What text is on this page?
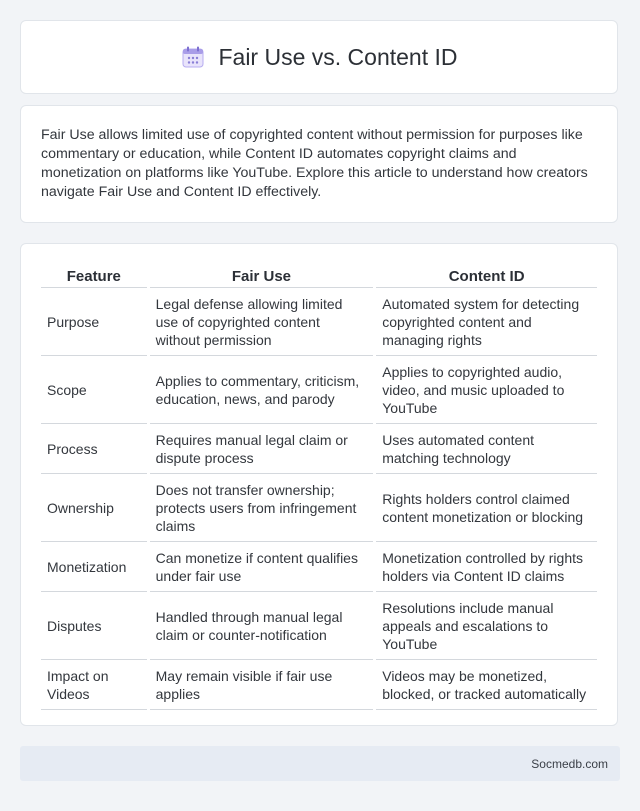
Fair Use vs. Content ID

Fair Use allows limited use of copyrighted content without permission for purposes like commentary or education, while Content ID automates copyright claims and monetization on platforms like YouTube. Explore this article to understand how creators navigate Fair Use and Content ID effectively.

Feature	Fair Use	Content ID
Purpose	Legal defense allowing limited use of copyrighted content without permission	Automated system for detecting copyrighted content and managing rights
Scope	Applies to commentary, criticism, education, news, and parody	Applies to copyrighted audio, video, and music uploaded to YouTube
Process	Requires manual legal claim or dispute process	Uses automated content matching technology
Ownership	Does not transfer ownership; protects users from infringement claims	Rights holders control claimed content monetization or blocking
Monetization	Can monetize if content qualifies under fair use	Monetization controlled by rights holders via Content ID claims
Disputes	Handled through manual legal claim or counter-notification	Resolutions include manual appeals and escalations to YouTube
Impact on Videos	May remain visible if fair use applies	Videos may be monetized, blocked, or tracked automatically
Socmedb.com
